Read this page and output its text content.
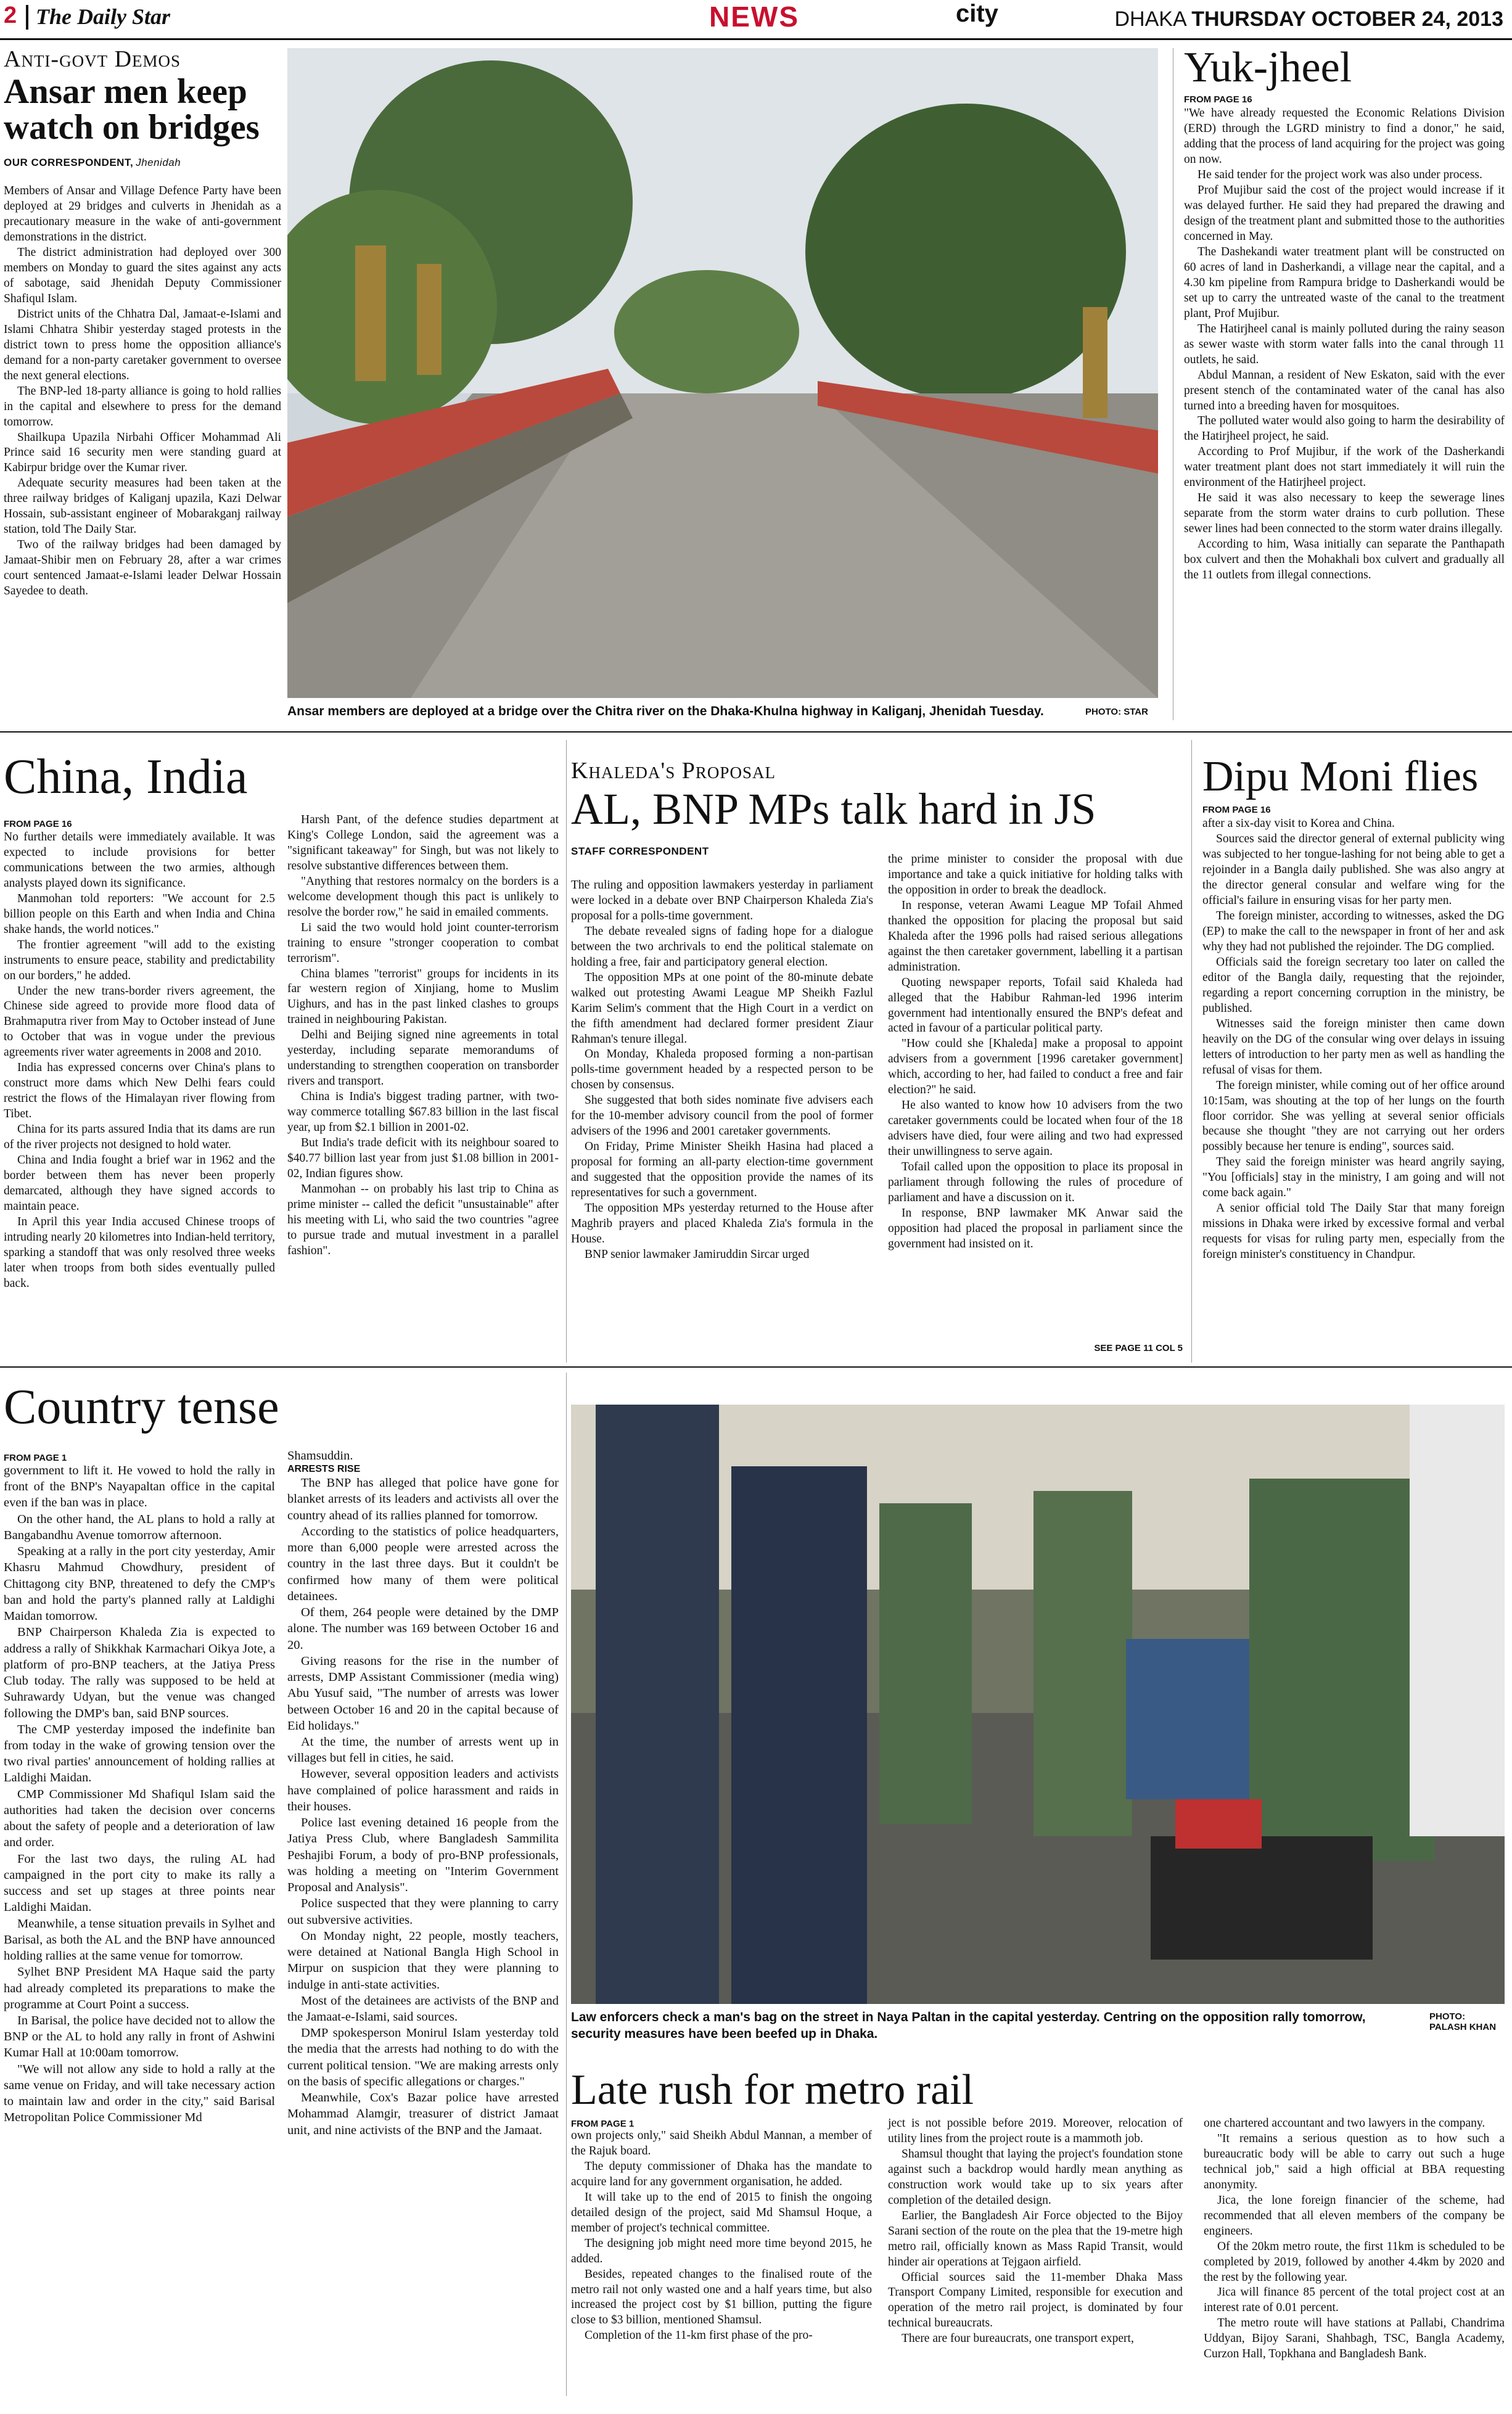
2 The Daily Star	NEWS	city	DHAKA THURSDAY OCTOBER 24, 2013
Anti-govt Demos
Ansar men keep watch on bridges
OUR CORRESPONDENT, Jhenidah

Members of Ansar and Village Defence Party have been deployed at 29 bridges and culverts in Jhenidah as a precautionary measure in the wake of anti-government demonstrations in the district.

The district administration had deployed over 300 members on Monday to guard the sites against any acts of sabotage, said Jhenidah Deputy Commissioner Shafiqul Islam.

District units of the Chhatra Dal, Jamaat-e-Islami and Islami Chhatra Shibir yesterday staged protests in the district town to press home the opposition alliance's demand for a non-party caretaker government to oversee the next general elections.

The BNP-led 18-party alliance is going to hold rallies in the capital and elsewhere to press for the demand tomorrow.

Shailkupa Upazila Nirbahi Officer Mohammad Ali Prince said 16 security men were standing guard at Kabirpur bridge over the Kumar river.

Adequate security measures had been taken at the three railway bridges of Kaliganj upazila, Kazi Delwar Hossain, sub-assistant engineer of Mobarakganj railway station, told The Daily Star.

Two of the railway bridges had been damaged by Jamaat-Shibir men on February 28, after a war crimes court sentenced Jamaat-e-Islami leader Delwar Hossain Sayedee to death.

Ansar members are deployed at a bridge over the Chitra river on the Dhaka-Khulna highway in Kaliganj, Jhenidah Tuesday.	PHOTO: STAR
Yuk-jheel
FROM PAGE 16

"We have already requested the Economic Relations Division (ERD) through the LGRD ministry to find a donor," he said, adding that the process of land acquiring for the project was going on now.

He said tender for the project work was also under process.

Prof Mujibur said the cost of the project would increase if it was delayed further. He said they had prepared the drawing and design of the treatment plant and submitted those to the authorities concerned in May.

The Dashekandi water treatment plant will be constructed on 60 acres of land in Dasherkandi, a village near the capital, and a 4.30 km pipeline from Rampura bridge to Dasherkandi would be set up to carry the untreated waste of the canal to the treatment plant, Prof Mujibur.

The Hatirjheel canal is mainly polluted during the rainy season as sewer waste with storm water falls into the canal through 11 outlets, he said.

Abdul Mannan, a resident of New Eskaton, said with the ever present stench of the contaminated water of the canal has also turned into a breeding haven for mosquitoes.

The polluted water would also going to harm the desirability of the Hatirjheel project, he said.

According to Prof Mujibur, if the work of the Dasherkandi water treatment plant does not start immediately it will ruin the environment of the Hatirjheel project.

He said it was also necessary to keep the sewerage lines separate from the storm water drains to curb pollution. These sewer lines had been connected to the storm water drains illegally.

According to him, Wasa initially can separate the Panthapath box culvert and then the Mohakhali box culvert and gradually all the 11 outlets from illegal connections.

China, India
FROM PAGE 16

No further details were immediately available. It was expected to include provisions for better communications between the two armies, although analysts played down its significance.

Manmohan told reporters: "We account for 2.5 billion people on this Earth and when India and China shake hands, the world notices."

The frontier agreement "will add to the existing instruments to ensure peace, stability and predictability on our borders," he added.

Under the new trans-border rivers agreement, the Chinese side agreed to provide more flood data of Brahmaputra river from May to October instead of June to October that was in vogue under the previous agreements river water agreements in 2008 and 2010.

India has expressed concerns over China's plans to construct more dams which New Delhi fears could restrict the flows of the Himalayan river flowing from Tibet.

China for its parts assured India that its dams are run of the river projects not designed to hold water.

China and India fought a brief war in 1962 and the border between them has never been properly demarcated, although they have signed accords to maintain peace.

In April this year India accused Chinese troops of intruding nearly 20 kilometres into Indian-held territory, sparking a standoff that was only resolved three weeks later when troops from both sides eventually pulled back.

Harsh Pant, of the defence studies department at King's College London, said the agreement was a "significant takeaway" for Singh, but was not likely to resolve substantive differences between them.

"Anything that restores normalcy on the borders is a welcome development though this pact is unlikely to resolve the border row," he said in emailed comments.

Li said the two would hold joint counter-terrorism training to ensure "stronger cooperation to combat terrorism".

China blames "terrorist" groups for incidents in its far western region of Xinjiang, home to Muslim Uighurs, and has in the past linked clashes to groups trained in neighbouring Pakistan.

Delhi and Beijing signed nine agreements in total yesterday, including separate memorandums of understanding to strengthen cooperation on transborder rivers and transport.

China is India's biggest trading partner, with two-way commerce totalling $67.83 billion in the last fiscal year, up from $2.1 billion in 2001-02.

But India's trade deficit with its neighbour soared to $40.77 billion last year from just $1.08 billion in 2001-02, Indian figures show.

Manmohan -- on probably his last trip to China as prime minister -- called the deficit "unsustainable" after his meeting with Li, who said the two countries "agree to pursue trade and mutual investment in a parallel fashion".

Khaleda's Proposal
AL, BNP MPs talk hard in JS
STAFF CORRESPONDENT

The ruling and opposition lawmakers yesterday in parliament were locked in a debate over BNP Chairperson Khaleda Zia's proposal for a polls-time government.

The debate revealed signs of fading hope for a dialogue between the two archrivals to end the political stalemate on holding a free, fair and participatory general election.

The opposition MPs at one point of the 80-minute debate walked out protesting Awami League MP Sheikh Fazlul Karim Selim's comment that the High Court in a verdict on the fifth amendment had declared former president Ziaur Rahman's tenure illegal.

On Monday, Khaleda proposed forming a non-partisan polls-time government headed by a respected person to be chosen by consensus.

She suggested that both sides nominate five advisers each for the 10-member advisory council from the pool of former advisers of the 1996 and 2001 caretaker governments.

On Friday, Prime Minister Sheikh Hasina had placed a proposal for forming an all-party election-time government and suggested that the opposition provide the names of its representatives for such a government.

The opposition MPs yesterday returned to the House after Maghrib prayers and placed Khaleda Zia's formula in the House.

BNP senior lawmaker Jamiruddin Sircar urged

the prime minister to consider the proposal with due importance and take a quick initiative for holding talks with the opposition in order to break the deadlock.

In response, veteran Awami League MP Tofail Ahmed thanked the opposition for placing the proposal but said Khaleda after the 1996 polls had raised serious allegations against the then caretaker government, labelling it a partisan administration.

Quoting newspaper reports, Tofail said Khaleda had alleged that the Habibur Rahman-led 1996 interim government had intentionally ensured the BNP's defeat and acted in favour of a particular political party.

"How could she [Khaleda] make a proposal to appoint advisers from a government [1996 caretaker government] which, according to her, had failed to conduct a free and fair election?" he said.

He also wanted to know how 10 advisers from the two caretaker governments could be located when four of the 18 advisers have died, four were ailing and two had expressed their unwillingness to serve again.

Tofail called upon the opposition to place its proposal in parliament through following the rules of procedure of parliament and have a discussion on it.

In response, BNP lawmaker MK Anwar said the opposition had placed the proposal in parliament since the government had insisted on it.

SEE PAGE 11 COL 5
Dipu Moni flies
FROM PAGE 16

after a six-day visit to Korea and China.

Sources said the director general of external publicity wing was subjected to her tongue-lashing for not being able to get a rejoinder in a Bangla daily published. She was also angry at the director general consular and welfare wing for the official's failure in ensuring visas for her party men.

The foreign minister, according to witnesses, asked the DG (EP) to make the call to the newspaper in front of her and ask why they had not published the rejoinder. The DG complied.

Officials said the foreign secretary too later on called the editor of the Bangla daily, requesting that the rejoinder, regarding a report concerning corruption in the ministry, be published.

Witnesses said the foreign minister then came down heavily on the DG of the consular wing over delays in issuing letters of introduction to her party men as well as handling the refusal of visas for them.

The foreign minister, while coming out of her office around 10:15am, was shouting at the top of her lungs on the fourth floor corridor. She was yelling at several senior officials because she thought "they are not carrying out her orders possibly because her tenure is ending", sources said.

They said the foreign minister was heard angrily saying, "You [officials] stay in the ministry, I am going and will not come back again."

A senior official told The Daily Star that many foreign missions in Dhaka were irked by excessive formal and verbal requests for visas for ruling party men, especially from the foreign minister's constituency in Chandpur.

Country tense
FROM PAGE 1

government to lift it. He vowed to hold the rally in front of the BNP's Nayapaltan office in the capital even if the ban was in place.

On the other hand, the AL plans to hold a rally at Bangabandhu Avenue tomorrow afternoon.

Speaking at a rally in the port city yesterday, Amir Khasru Mahmud Chowdhury, president of Chittagong city BNP, threatened to defy the CMP's ban and hold the party's planned rally at Laldighi Maidan tomorrow.

BNP Chairperson Khaleda Zia is expected to address a rally of Shikkhak Karmachari Oikya Jote, a platform of pro-BNP teachers, at the Jatiya Press Club today. The rally was supposed to be held at Suhrawardy Udyan, but the venue was changed following the DMP's ban, said BNP sources.

The CMP yesterday imposed the indefinite ban from today in the wake of growing tension over the two rival parties' announcement of holding rallies at Laldighi Maidan.

CMP Commissioner Md Shafiqul Islam said the authorities had taken the decision over concerns about the safety of people and a deterioration of law and order.

For the last two days, the ruling AL had campaigned in the port city to make its rally a success and set up stages at three points near Laldighi Maidan.

Meanwhile, a tense situation prevails in Sylhet and Barisal, as both the AL and the BNP have announced holding rallies at the same venue for tomorrow.

Sylhet BNP President MA Haque said the party had already completed its preparations to make the programme at Court Point a success.

In Barisal, the police have decided not to allow the BNP or the AL to hold any rally in front of Ashwini Kumar Hall at 10:00am tomorrow.

"We will not allow any side to hold a rally at the same venue on Friday, and will take necessary action to maintain law and order in the city," said Barisal Metropolitan Police Commissioner Md

Shamsuddin.

ARRESTS RISE

The BNP has alleged that police have gone for blanket arrests of its leaders and activists all over the country ahead of its rallies planned for tomorrow.

According to the statistics of police headquarters, more than 6,000 people were arrested across the country in the last three days. But it couldn't be confirmed how many of them were political detainees.

Of them, 264 people were detained by the DMP alone. The number was 169 between October 16 and 20.

Giving reasons for the rise in the number of arrests, DMP Assistant Commissioner (media wing) Abu Yusuf said, "The number of arrests was lower between October 16 and 20 in the capital because of Eid holidays."

At the time, the number of arrests went up in villages but fell in cities, he said.

However, several opposition leaders and activists have complained of police harassment and raids in their houses.

Police last evening detained 16 people from the Jatiya Press Club, where Bangladesh Sammilita Peshajibi Forum, a body of pro-BNP professionals, was holding a meeting on "Interim Government Proposal and Analysis".

Police suspected that they were planning to carry out subversive activities.

On Monday night, 22 people, mostly teachers, were detained at National Bangla High School in Mirpur on suspicion that they were planning to indulge in anti-state activities.

Most of the detainees are activists of the BNP and the Jamaat-e-Islami, said sources.

DMP spokesperson Monirul Islam yesterday told the media that the arrests had nothing to do with the current political tension. "We are making arrests only on the basis of specific allegations or charges."

Meanwhile, Cox's Bazar police have arrested Mohammad Alamgir, treasurer of district Jamaat unit, and nine activists of the BNP and the Jamaat.

Law enforcers check a man's bag on the street in Naya Paltan in the capital yesterday. Centring on the opposition rally tomorrow, security measures have been beefed up in Dhaka.
PHOTO:
PALASH KHAN
Late rush for metro rail
FROM PAGE 1

own projects only," said Sheikh Abdul Mannan, a member of the Rajuk board.

The deputy commissioner of Dhaka has the mandate to acquire land for any government organisation, he added.

It will take up to the end of 2015 to finish the ongoing detailed design of the project, said Md Shamsul Hoque, a member of project's technical committee.

The designing job might need more time beyond 2015, he added.

Besides, repeated changes to the finalised route of the metro rail not only wasted one and a half years time, but also increased the project cost by $1 billion, putting the figure close to $3 billion, mentioned Shamsul.

Completion of the 11-km first phase of the pro-

ject is not possible before 2019. Moreover, relocation of utility lines from the project route is a mammoth job.

Shamsul thought that laying the project's foundation stone against such a backdrop would hardly mean anything as construction work would take up to six years after completion of the detailed design.

Earlier, the Bangladesh Air Force objected to the Bijoy Sarani section of the route on the plea that the 19-metre high metro rail, officially known as Mass Rapid Transit, would hinder air operations at Tejgaon airfield.

Official sources said the 11-member Dhaka Mass Transport Company Limited, responsible for execution and operation of the metro rail project, is dominated by four technical bureaucrats.

There are four bureaucrats, one transport expert,

one chartered accountant and two lawyers in the company.

"It remains a serious question as to how such a bureaucratic body will be able to carry out such a huge technical job," said a high official at BBA requesting anonymity.

Jica, the lone foreign financier of the scheme, had recommended that all eleven members of the company be engineers.

Of the 20km metro route, the first 11km is scheduled to be completed by 2019, followed by another 4.4km by 2020 and the rest by the following year.

Jica will finance 85 percent of the total project cost at an interest rate of 0.01 percent.

The metro route will have stations at Pallabi, Chandrima Uddyan, Bijoy Sarani, Shahbagh, TSC, Bangla Academy, Curzon Hall, Topkhana and Bangladesh Bank.
